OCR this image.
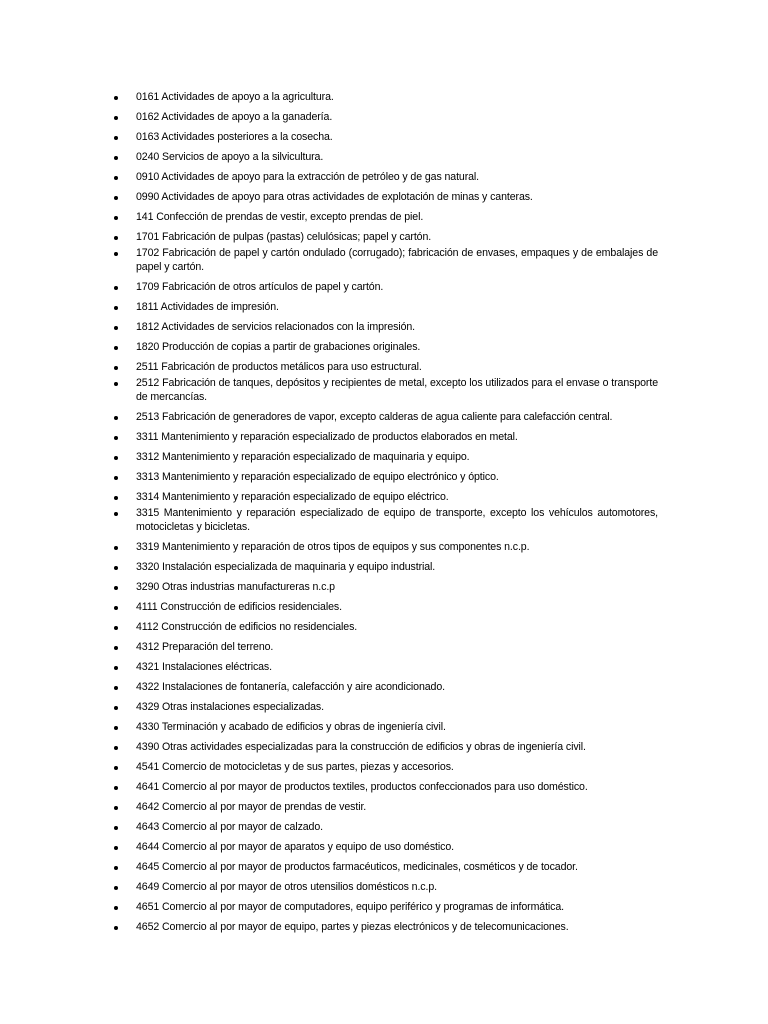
0161 Actividades de apoyo a la agricultura.
0162 Actividades de apoyo a la ganadería.
0163 Actividades posteriores a la cosecha.
0240 Servicios de apoyo a la silvicultura.
0910 Actividades de apoyo para la extracción de petróleo y de gas natural.
0990 Actividades de apoyo para otras actividades de explotación de minas y canteras.
141 Confección de prendas de vestir, excepto prendas de piel.
1701 Fabricación de pulpas (pastas) celulósicas; papel y cartón.
1702 Fabricación de papel y cartón ondulado (corrugado); fabricación de envases, empaques y de embalajes de papel y cartón.
1709 Fabricación de otros artículos de papel y cartón.
1811 Actividades de impresión.
1812 Actividades de servicios relacionados con la impresión.
1820 Producción de copias a partir de grabaciones originales.
2511 Fabricación de productos metálicos para uso estructural.
2512 Fabricación de tanques, depósitos y recipientes de metal, excepto los utilizados para el envase o transporte de mercancías.
2513 Fabricación de generadores de vapor, excepto calderas de agua caliente para calefacción central.
3311 Mantenimiento y reparación especializado de productos elaborados en metal.
3312 Mantenimiento y reparación especializado de maquinaria y equipo.
3313 Mantenimiento y reparación especializado de equipo electrónico y óptico.
3314 Mantenimiento y reparación especializado de equipo eléctrico.
3315 Mantenimiento y reparación especializado de equipo de transporte, excepto los vehículos automotores, motocicletas y bicicletas.
3319 Mantenimiento y reparación de otros tipos de equipos y sus componentes n.c.p.
3320 Instalación especializada de maquinaria y equipo industrial.
3290 Otras industrias manufactureras n.c.p
4111 Construcción de edificios residenciales.
4112 Construcción de edificios no residenciales.
4312 Preparación del terreno.
4321 Instalaciones eléctricas.
4322 Instalaciones de fontanería, calefacción y aire acondicionado.
4329 Otras instalaciones especializadas.
4330 Terminación y acabado de edificios y obras de ingeniería civil.
4390 Otras actividades especializadas para la construcción de edificios y obras de ingeniería civil.
4541 Comercio de motocicletas y de sus partes, piezas y accesorios.
4641 Comercio al por mayor de productos textiles, productos confeccionados para uso doméstico.
4642 Comercio al por mayor de prendas de vestir.
4643 Comercio al por mayor de calzado.
4644 Comercio al por mayor de aparatos y equipo de uso doméstico.
4645 Comercio al por mayor de productos farmacéuticos, medicinales, cosméticos y de tocador.
4649 Comercio al por mayor de otros utensilios domésticos n.c.p.
4651 Comercio al por mayor de computadores, equipo periférico y programas de informática.
4652 Comercio al por mayor de equipo, partes y piezas electrónicos y de telecomunicaciones.
